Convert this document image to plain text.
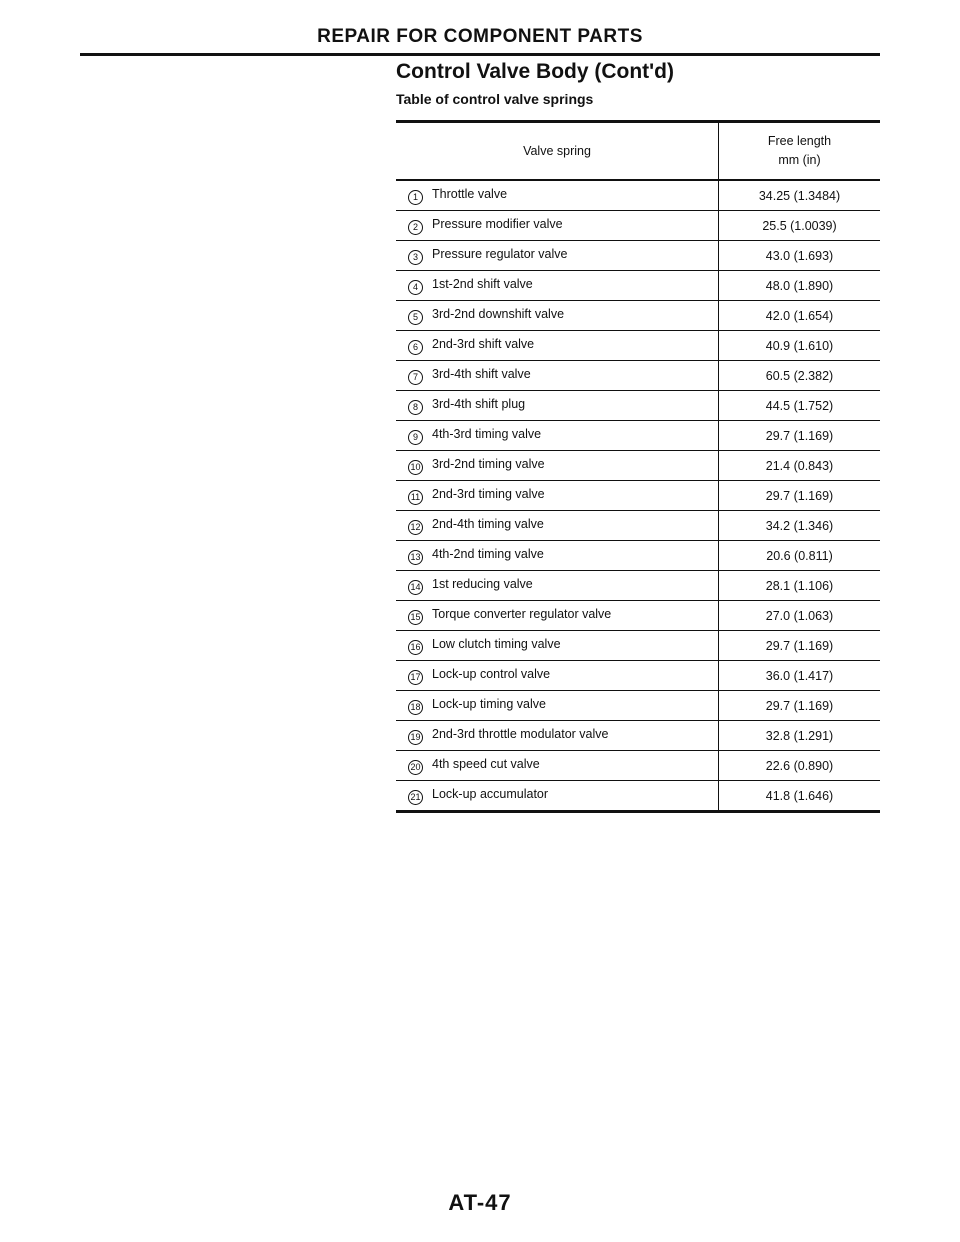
REPAIR FOR COMPONENT PARTS
Control Valve Body (Cont'd)
Table of control valve springs
Valve spring	Free length
mm (in)
1 Throttle valve	34.25 (1.3484)
2 Pressure modifier valve	25.5 (1.0039)
3 Pressure regulator valve	43.0 (1.693)
4 1st-2nd shift valve	48.0 (1.890)
5 3rd-2nd downshift valve	42.0 (1.654)
6 2nd-3rd shift valve	40.9 (1.610)
7 3rd-4th shift valve	60.5 (2.382)
8 3rd-4th shift plug	44.5 (1.752)
9 4th-3rd timing valve	29.7 (1.169)
10 3rd-2nd timing valve	21.4 (0.843)
11 2nd-3rd timing valve	29.7 (1.169)
12 2nd-4th timing valve	34.2 (1.346)
13 4th-2nd timing valve	20.6 (0.811)
14 1st reducing valve	28.1 (1.106)
15 Torque converter regulator valve	27.0 (1.063)
16 Low clutch timing valve	29.7 (1.169)
17 Lock-up control valve	36.0 (1.417)
18 Lock-up timing valve	29.7 (1.169)
19 2nd-3rd throttle modulator valve	32.8 (1.291)
20 4th speed cut valve	22.6 (0.890)
21 Lock-up accumulator	41.8 (1.646)
AT-47
